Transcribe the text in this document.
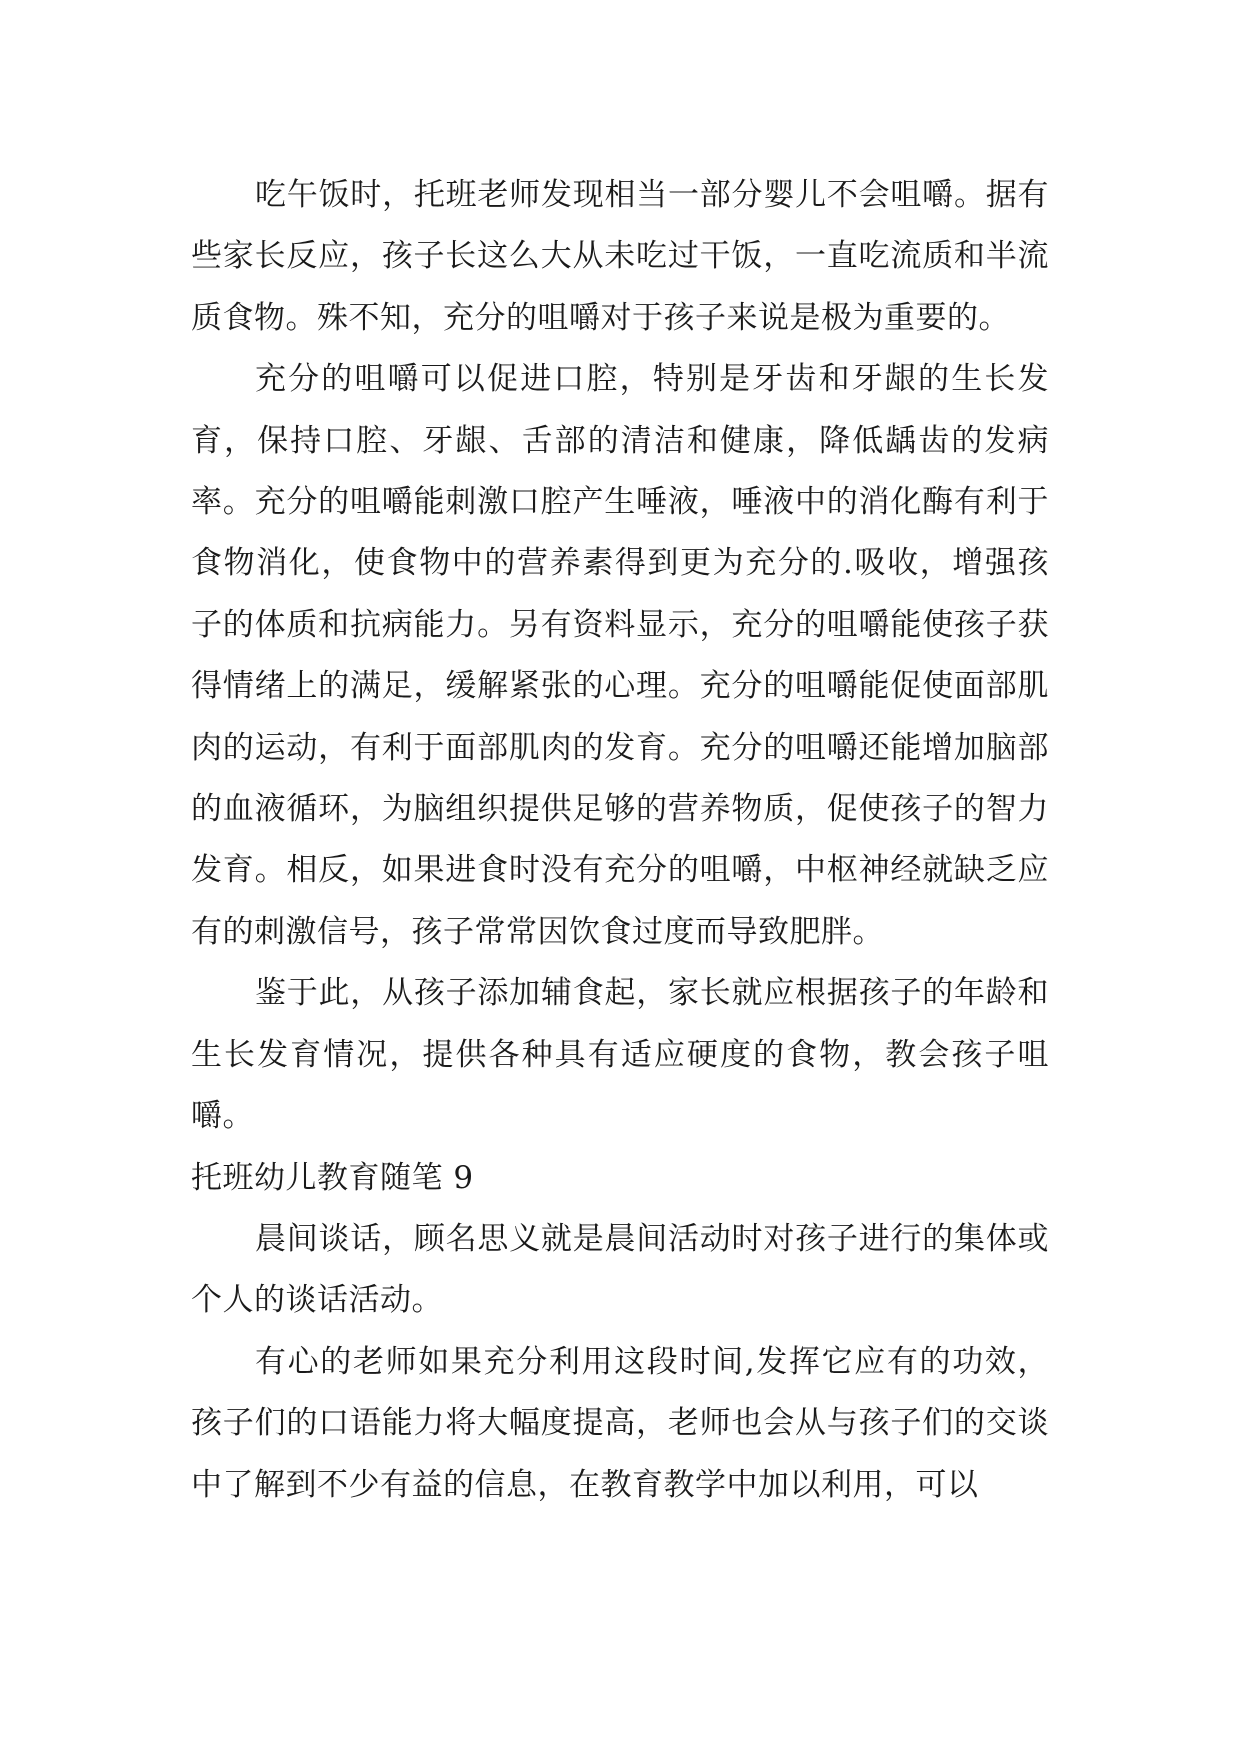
吃午饭时，托班老师发现相当一部分婴儿不会咀嚼。据有些家长反应，孩子长这么大从未吃过干饭，一直吃流质和半流质食物。殊不知，充分的咀嚼对于孩子来说是极为重要的。

充分的咀嚼可以促进口腔，特别是牙齿和牙龈的生长发育，保持口腔、牙龈、舌部的清洁和健康，降低龋齿的发病率。充分的咀嚼能刺激口腔产生唾液，唾液中的消化酶有利于食物消化，使食物中的营养素得到更为充分的.吸收，增强孩子的体质和抗病能力。另有资料显示，充分的咀嚼能使孩子获得情绪上的满足，缓解紧张的心理。充分的咀嚼能促使面部肌肉的运动，有利于面部肌肉的发育。充分的咀嚼还能增加脑部的血液循环，为脑组织提供足够的营养物质，促使孩子的智力发育。相反，如果进食时没有充分的咀嚼，中枢神经就缺乏应有的刺激信号，孩子常常因饮食过度而导致肥胖。

鉴于此，从孩子添加辅食起，家长就应根据孩子的年龄和生长发育情况，提供各种具有适应硬度的食物，教会孩子咀嚼。

托班幼儿教育随笔 9

晨间谈话，顾名思义就是晨间活动时对孩子进行的集体或个人的谈话活动。

有心的老师如果充分利用这段时间,发挥它应有的功效，孩子们的口语能力将大幅度提高，老师也会从与孩子们的交谈中了解到不少有益的信息，在教育教学中加以利用，可以
